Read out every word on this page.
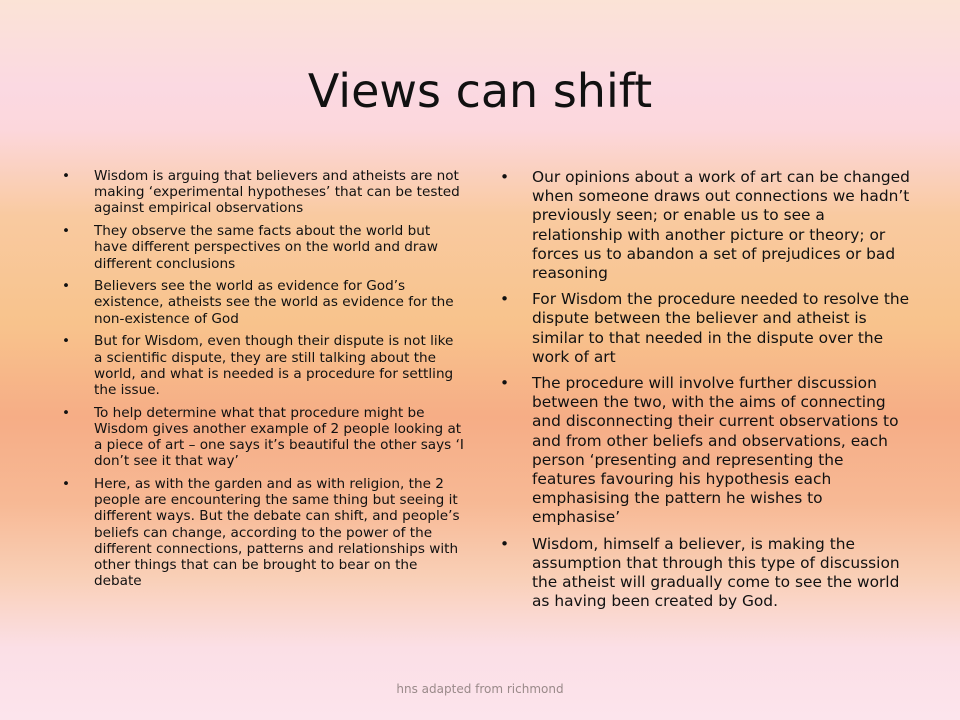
Views can shift
• Wisdom is arguing that believers and atheists are not making ‘experimental hypotheses’ that can be tested against empirical observations
• They observe the same facts about the world but have different perspectives on the world and draw different conclusions
• Believers see the world as evidence for God’s existence, atheists see the world as evidence for the non-existence of God
• But for Wisdom, even though their dispute is not like a scientific dispute, they are still talking about the world, and what is needed is a procedure for settling the issue.
• To help determine what that procedure might be Wisdom gives another example of 2 people looking at a piece of art – one says it’s beautiful the other says ‘I don’t see it that way’
• Here, as with the garden and as with religion, the 2 people are encountering the same thing but seeing it different ways. But the debate can shift, and people’s beliefs can change, according to the power of the different connections, patterns and relationships with other things that can be brought to bear on the debate
• Our opinions about a work of art can be changed when someone draws out connections we hadn’t previously seen; or enable us to see a relationship with another picture or theory; or forces us to abandon a set of prejudices or bad reasoning
• For Wisdom the procedure needed to resolve the dispute between the believer and atheist is similar to that needed in the dispute over the work of art
• The procedure will involve further discussion between the two, with the aims of connecting and disconnecting their current observations to and from other beliefs and observations, each person ‘presenting and representing the features favouring his hypothesis each emphasising the pattern he wishes to emphasise’
• Wisdom, himself a believer, is making the assumption that through this type of discussion the atheist will gradually come to see the world as having been created by God.
hns adapted from richmond
